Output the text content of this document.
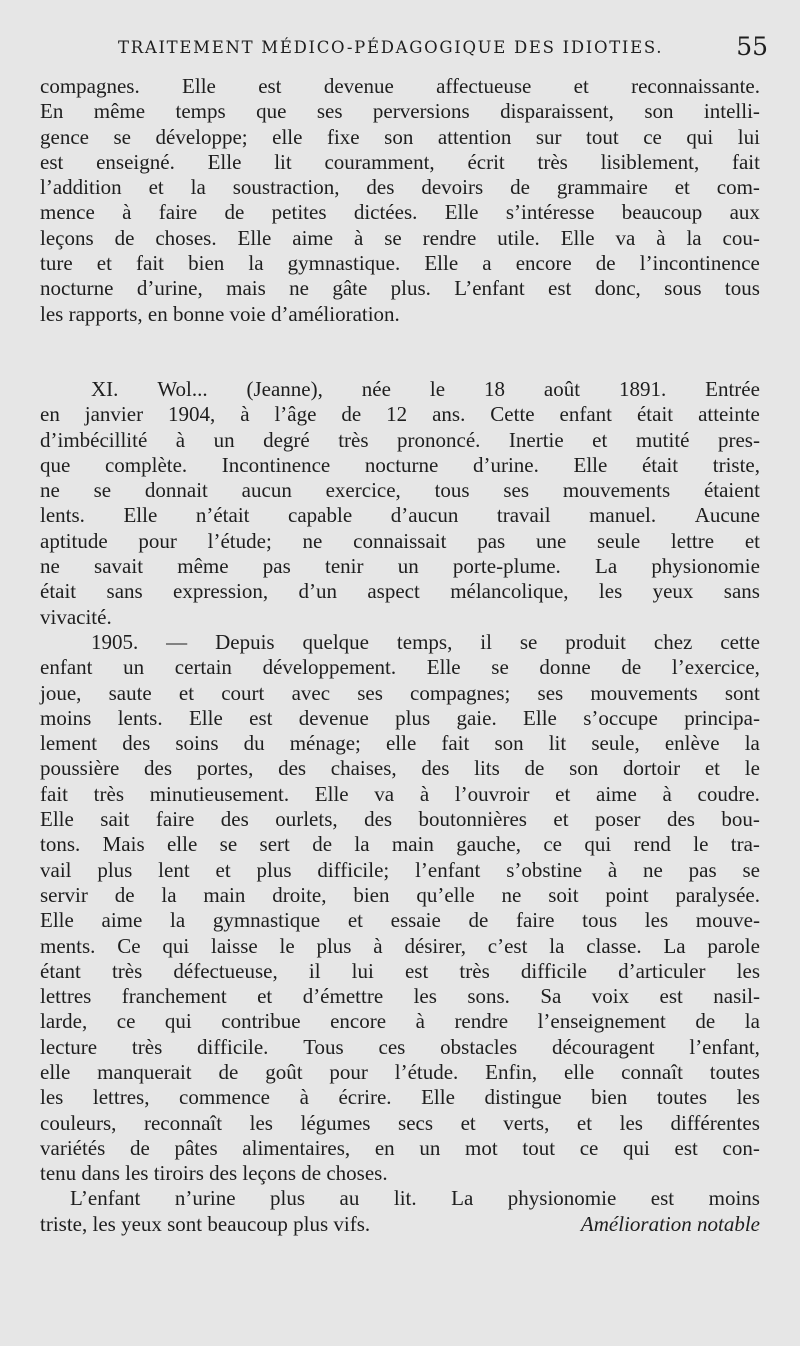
TRAITEMENT MÉDICO-PÉDAGOGIQUE DES IDIOTIES.	55
compagnes. Elle est devenue affectueuse et reconnaissante.
En même temps que ses perversions disparaissent, son intelli-
gence se développe; elle fixe son attention sur tout ce qui lui
est enseigné. Elle lit couramment, écrit très lisiblement, fait
l’addition et la soustraction, des devoirs de grammaire et com-
mence à faire de petites dictées. Elle s’intéresse beaucoup aux
leçons de choses. Elle aime à se rendre utile. Elle va à la cou-
ture et fait bien la gymnastique. Elle a encore de l’incontinence
nocturne d’urine, mais ne gâte plus. L’enfant est donc, sous tous
les rapports, en bonne voie d’amélioration.
XI. Wol... (Jeanne), née le 18 août 1891. Entrée
en janvier 1904, à l’âge de 12 ans. Cette enfant était atteinte
d’imbécillité à un degré très prononcé. Inertie et mutité pres-
que complète. Incontinence nocturne d’urine. Elle était triste,
ne se donnait aucun exercice, tous ses mouvements étaient
lents. Elle n’était capable d’aucun travail manuel. Aucune
aptitude pour l’étude; ne connaissait pas une seule lettre et
ne savait même pas tenir un porte-plume. La physionomie
était sans expression, d’un aspect mélancolique, les yeux sans
vivacité.
1905. — Depuis quelque temps, il se produit chez cette
enfant un certain développement. Elle se donne de l’exercice,
joue, saute et court avec ses compagnes; ses mouvements sont
moins lents. Elle est devenue plus gaie. Elle s’occupe principa-
lement des soins du ménage; elle fait son lit seule, enlève la
poussière des portes, des chaises, des lits de son dortoir et le
fait très minutieusement. Elle va à l’ouvroir et aime à coudre.
Elle sait faire des ourlets, des boutonnières et poser des bou-
tons. Mais elle se sert de la main gauche, ce qui rend le tra-
vail plus lent et plus difficile; l’enfant s’obstine à ne pas se
servir de la main droite, bien qu’elle ne soit point paralysée.
Elle aime la gymnastique et essaie de faire tous les mouve-
ments. Ce qui laisse le plus à désirer, c’est la classe. La parole
étant très défectueuse, il lui est très difficile d’articuler les
lettres franchement et d’émettre les sons. Sa voix est nasil-
larde, ce qui contribue encore à rendre l’enseignement de la
lecture très difficile. Tous ces obstacles découragent l’enfant,
elle manquerait de goût pour l’étude. Enfin, elle connaît toutes
les lettres, commence à écrire. Elle distingue bien toutes les
couleurs, reconnaît les légumes secs et verts, et les différentes
variétés de pâtes alimentaires, en un mot tout ce qui est con-
tenu dans les tiroirs des leçons de choses.
L’enfant n’urine plus au lit. La physionomie est moins
triste, les yeux sont beaucoup plus vifs.	Amélioration notable
